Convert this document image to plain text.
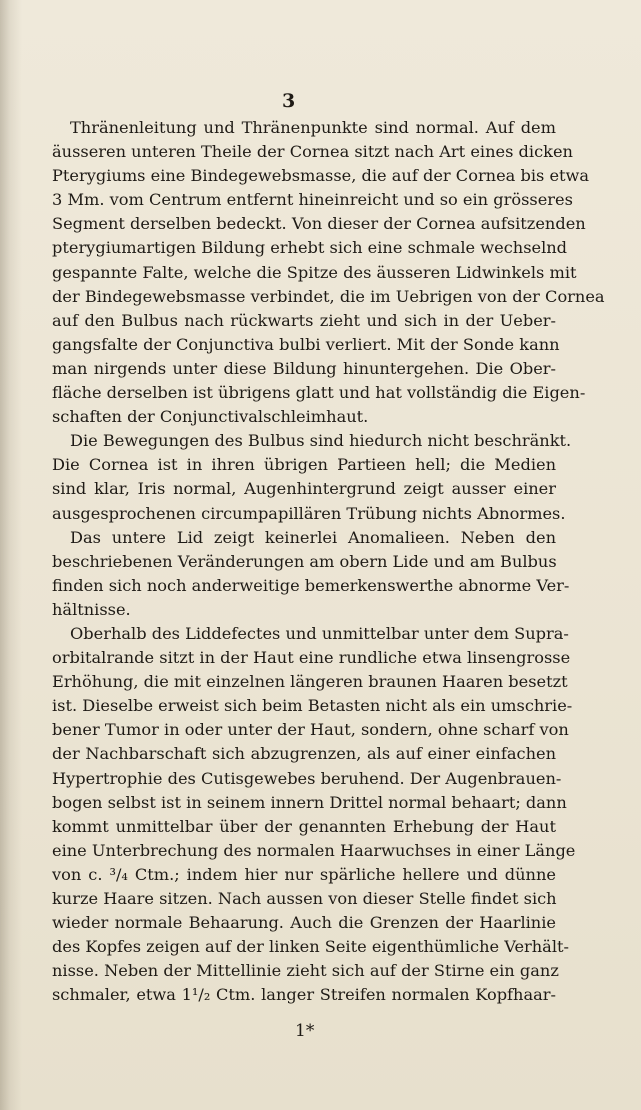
3
Thränenleitung und Thränenpunkte sind normal. Auf dem
äusseren unteren Theile der Cornea sitzt nach Art eines dicken
Pterygiums eine Bindegewebsmasse, die auf der Cornea bis etwa
3 Mm. vom Centrum entfernt hineinreicht und so ein grösseres
Segment derselben bedeckt. Von dieser der Cornea aufsitzenden
pterygiumartigen Bildung erhebt sich eine schmale wechselnd
gespannte Falte, welche die Spitze des äusseren Lidwinkels mit
der Bindegewebsmasse verbindet, die im Uebrigen von der Cornea
auf den Bulbus nach rückwarts zieht und sich in der Ueber-
gangsfalte der Conjunctiva bulbi verliert. Mit der Sonde kann
man nirgends unter diese Bildung hinuntergehen. Die Ober-
fläche derselben ist übrigens glatt und hat vollständig die Eigen-
schaften der Conjunctivalschleimhaut.
Die Bewegungen des Bulbus sind hiedurch nicht beschränkt.
Die Cornea ist in ihren übrigen Partieen hell; die Medien
sind klar, Iris normal, Augenhintergrund zeigt ausser einer
ausgesprochenen circumpapillären Trübung nichts Abnormes.
Das untere Lid zeigt keinerlei Anomalieen. Neben den
beschriebenen Veränderungen am obern Lide und am Bulbus
finden sich noch anderweitige bemerkenswerthe abnorme Ver-
hältnisse.
Oberhalb des Liddefectes und unmittelbar unter dem Supra-
orbitalrande sitzt in der Haut eine rundliche etwa linsengrosse
Erhöhung, die mit einzelnen längeren braunen Haaren besetzt
ist. Dieselbe erweist sich beim Betasten nicht als ein umschrie-
bener Tumor in oder unter der Haut, sondern, ohne scharf von
der Nachbarschaft sich abzugrenzen, als auf einer einfachen
Hypertrophie des Cutisgewebes beruhend. Der Augenbrauen-
bogen selbst ist in seinem innern Drittel normal behaart; dann
kommt unmittelbar über der genannten Erhebung der Haut
eine Unterbrechung des normalen Haarwuchses in einer Länge
von c. ³/₄ Ctm.; indem hier nur spärliche hellere und dünne
kurze Haare sitzen. Nach aussen von dieser Stelle findet sich
wieder normale Behaarung. Auch die Grenzen der Haarlinie
des Kopfes zeigen auf der linken Seite eigenthümliche Verhält-
nisse. Neben der Mittellinie zieht sich auf der Stirne ein ganz
schmaler, etwa 1¹/₂ Ctm. langer Streifen normalen Kopfhaar-
1*
